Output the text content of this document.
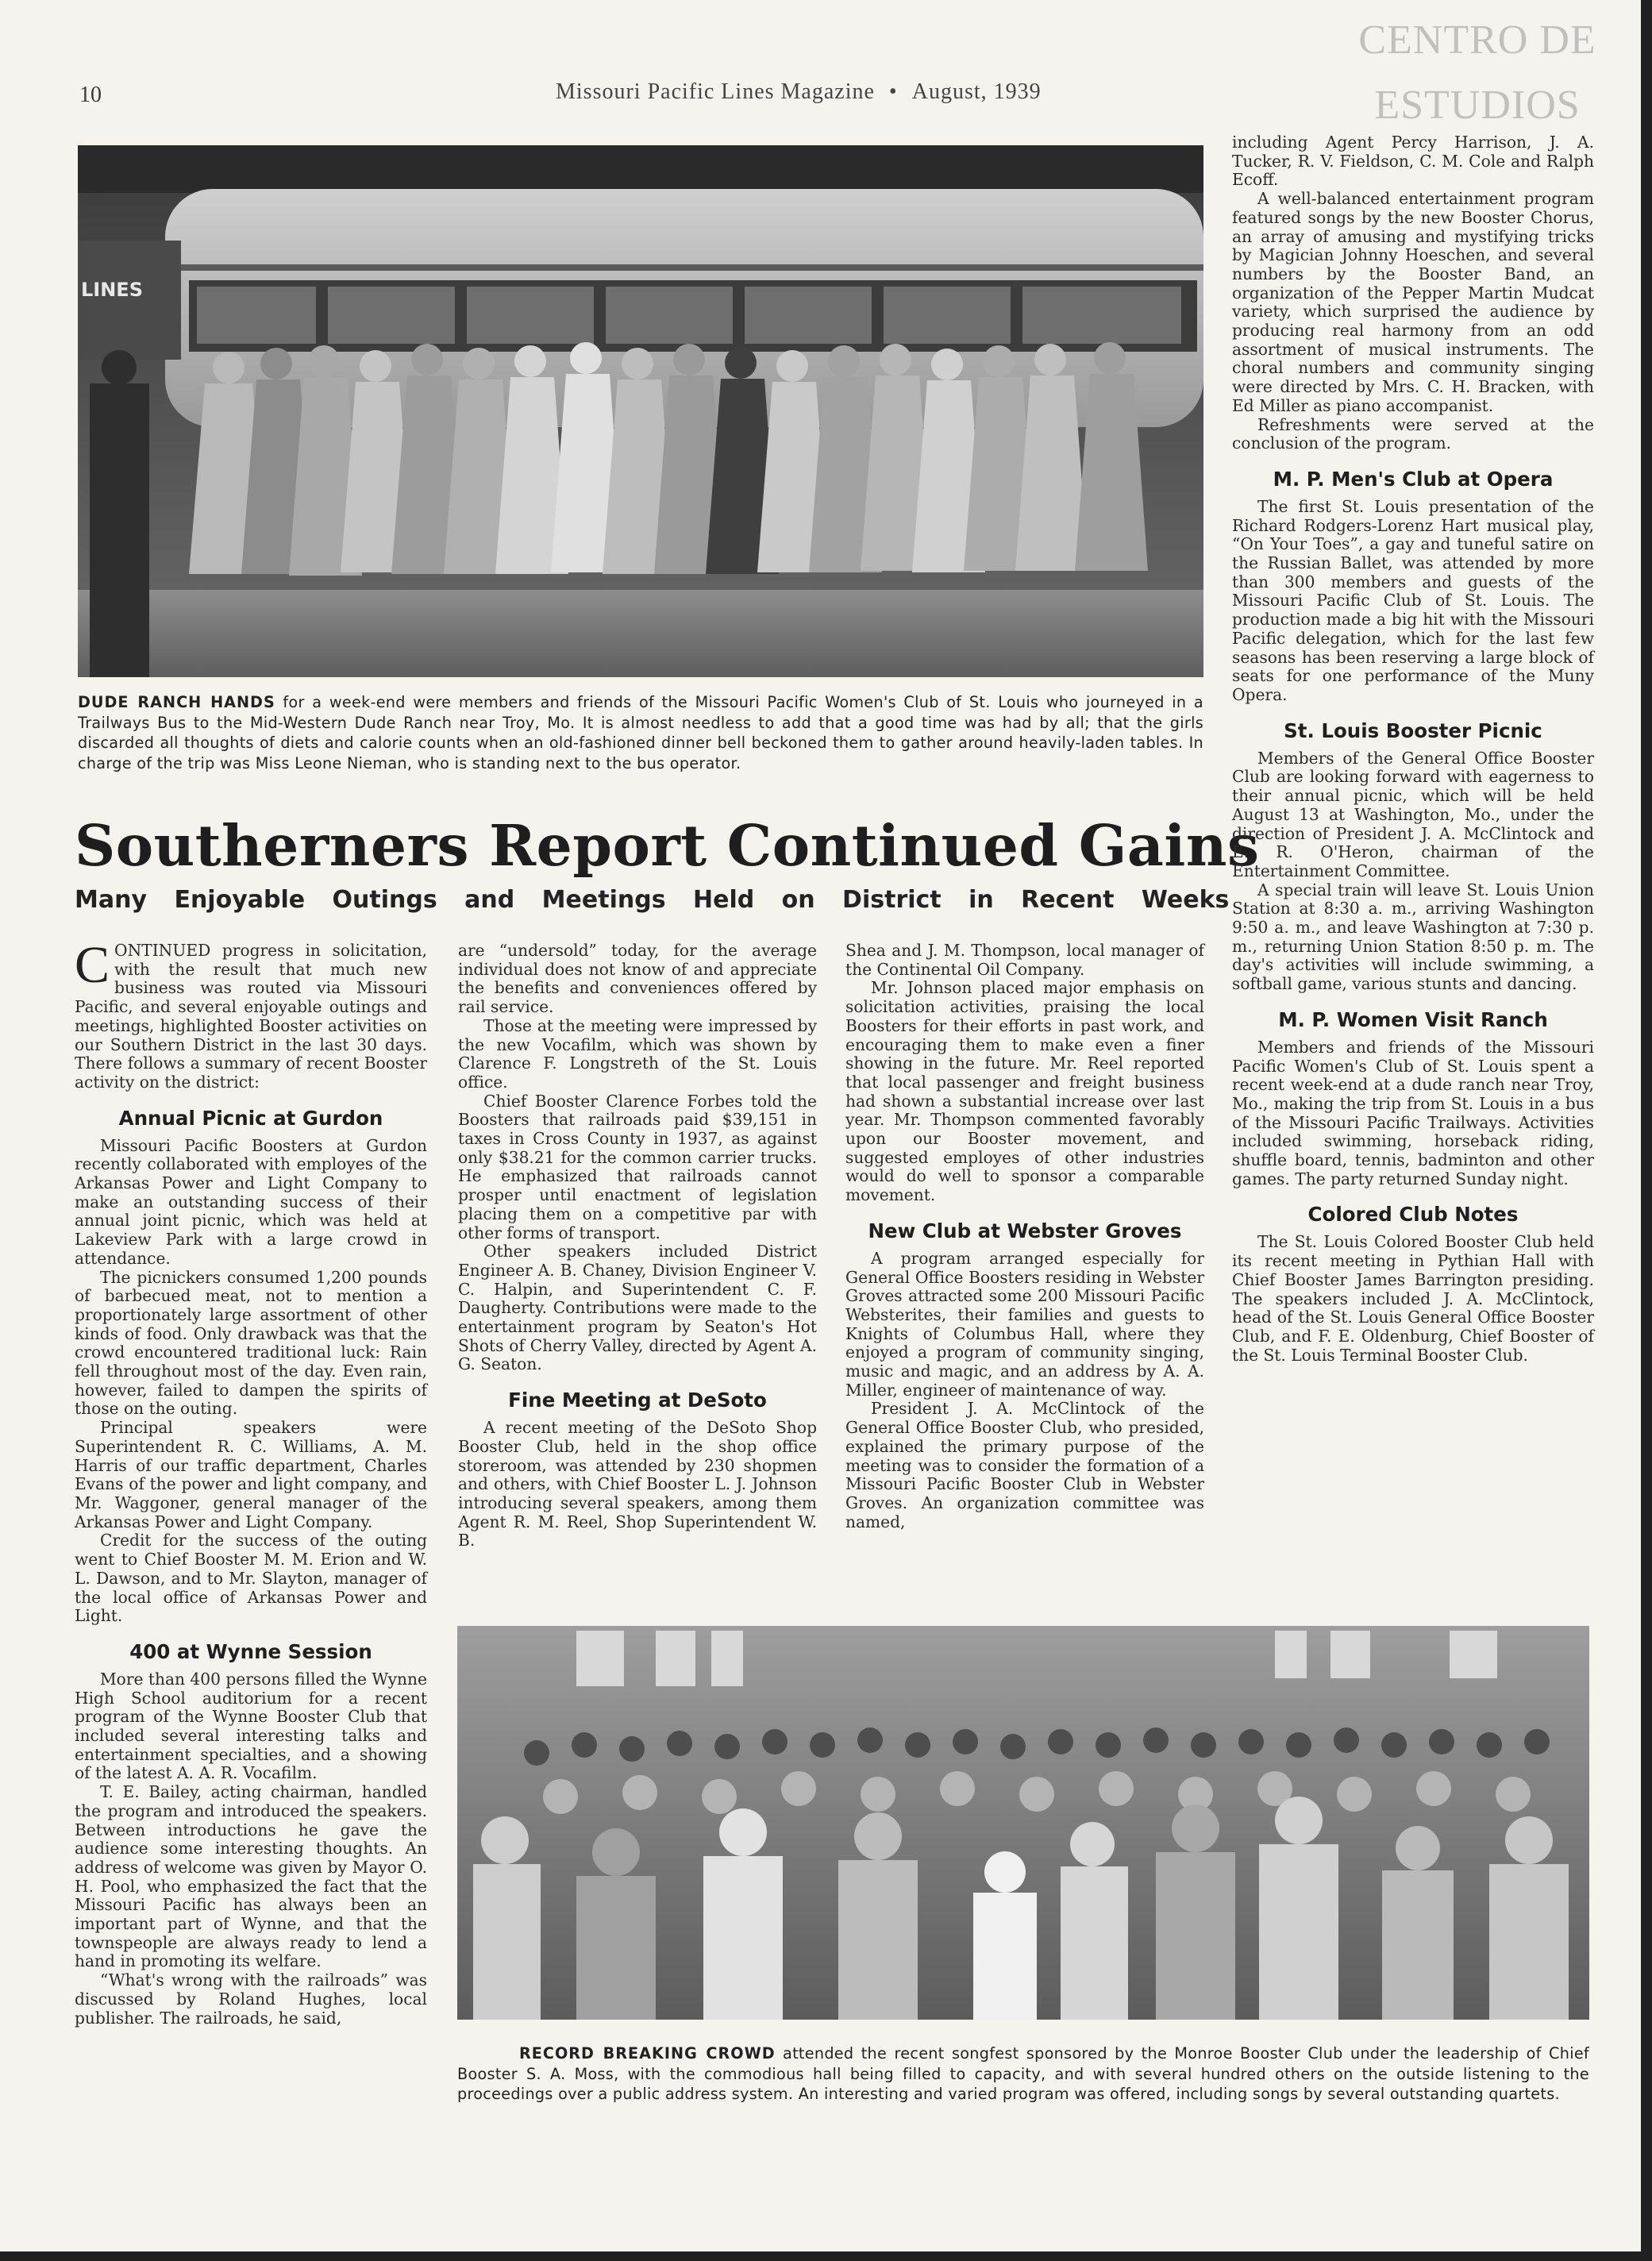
CENTRO DE
ESTUDIOS
10	Missouri Pacific Lines Magazine • August, 1939
LINES
DUDE RANCH HANDS for a week-end were members and friends of the Missouri Pacific Women's Club of St. Louis who journeyed in a Trailways Bus to the Mid-Western Dude Ranch near Troy, Mo. It is almost needless to add that a good time was had by all; that the girls discarded all thoughts of diets and calorie counts when an old-fashioned dinner bell beckoned them to gather around heavily-laden tables. In charge of the trip was Miss Leone Nieman, who is standing next to the bus operator.
Southerners Report Continued Gains
Many Enjoyable Outings and Meetings Held on District in Recent Weeks

CONTINUED progress in solicitation, with the result that much new business was routed via Missouri Pacific, and several enjoyable outings and meetings, highlighted Booster activities on our Southern District in the last 30 days. There follows a summary of recent Booster activity on the district:

Annual Picnic at Gurdon

Missouri Pacific Boosters at Gurdon recently collaborated with employes of the Arkansas Power and Light Company to make an outstanding success of their annual joint picnic, which was held at Lakeview Park with a large crowd in attendance.

The picnickers consumed 1,200 pounds of barbecued meat, not to mention a proportionately large assortment of other kinds of food. Only drawback was that the crowd encountered traditional luck: Rain fell throughout most of the day. Even rain, however, failed to dampen the spirits of those on the outing.

Principal speakers were Superintendent R. C. Williams, A. M. Harris of our traffic department, Charles Evans of the power and light company, and Mr. Waggoner, general manager of the Arkansas Power and Light Company.

Credit for the success of the outing went to Chief Booster M. M. Erion and W. L. Dawson, and to Mr. Slayton, manager of the local office of Arkansas Power and Light.

400 at Wynne Session

More than 400 persons filled the Wynne High School auditorium for a recent program of the Wynne Booster Club that included several interesting talks and entertainment specialties, and a showing of the latest A. A. R. Vocafilm.

T. E. Bailey, acting chairman, handled the program and introduced the speakers. Between introductions he gave the audience some interesting thoughts. An address of welcome was given by Mayor O. H. Pool, who emphasized the fact that the Missouri Pacific has always been an important part of Wynne, and that the townspeople are always ready to lend a hand in promoting its welfare.

“What's wrong with the railroads” was discussed by Roland Hughes, local publisher. The railroads, he said,

are “undersold” today, for the average individual does not know of and appreciate the benefits and conveniences offered by rail service.

Those at the meeting were impressed by the new Vocafilm, which was shown by Clarence F. Longstreth of the St. Louis office.

Chief Booster Clarence Forbes told the Boosters that railroads paid $39,151 in taxes in Cross County in 1937, as against only $38.21 for the common carrier trucks. He emphasized that railroads cannot prosper until enactment of legislation placing them on a competitive par with other forms of transport.

Other speakers included District Engineer A. B. Chaney, Division Engineer V. C. Halpin, and Superintendent C. F. Daugherty. Contributions were made to the entertainment program by Seaton's Hot Shots of Cherry Valley, directed by Agent A. G. Seaton.

Fine Meeting at DeSoto

A recent meeting of the DeSoto Shop Booster Club, held in the shop office storeroom, was attended by 230 shopmen and others, with Chief Booster L. J. Johnson introducing several speakers, among them Agent R. M. Reel, Shop Superintendent W. B.

Shea and J. M. Thompson, local manager of the Continental Oil Company.

Mr. Johnson placed major emphasis on solicitation activities, praising the local Boosters for their efforts in past work, and encouraging them to make even a finer showing in the future. Mr. Reel reported that local passenger and freight business had shown a substantial increase over last year. Mr. Thompson commented favorably upon our Booster movement, and suggested employes of other industries would do well to sponsor a comparable movement.

New Club at Webster Groves

A program arranged especially for General Office Boosters residing in Webster Groves attracted some 200 Missouri Pacific Websterites, their families and guests to Knights of Columbus Hall, where they enjoyed a program of community singing, music and magic, and an address by A. A. Miller, engineer of maintenance of way.

President J. A. McClintock of the General Office Booster Club, who presided, explained the primary purpose of the meeting was to consider the formation of a Missouri Pacific Booster Club in Webster Groves. An organization committee was named,

including Agent Percy Harrison, J. A. Tucker, R. V. Fieldson, C. M. Cole and Ralph Ecoff.

A well-balanced entertainment program featured songs by the new Booster Chorus, an array of amusing and mystifying tricks by Magician Johnny Hoeschen, and several numbers by the Booster Band, an organization of the Pepper Martin Mudcat variety, which surprised the audience by producing real harmony from an odd assortment of musical instruments. The choral numbers and community singing were directed by Mrs. C. H. Bracken, with Ed Miller as piano accompanist.

Refreshments were served at the conclusion of the program.

M. P. Men's Club at Opera

The first St. Louis presentation of the Richard Rodgers-Lorenz Hart musical play, “On Your Toes”, a gay and tuneful satire on the Russian Ballet, was attended by more than 300 members and guests of the Missouri Pacific Club of St. Louis. The production made a big hit with the Missouri Pacific delegation, which for the last few seasons has been reserving a large block of seats for one performance of the Muny Opera.

St. Louis Booster Picnic

Members of the General Office Booster Club are looking forward with eagerness to their annual picnic, which will be held August 13 at Washington, Mo., under the direction of President J. A. McClintock and E. R. O'Heron, chairman of the Entertainment Committee.

A special train will leave St. Louis Union Station at 8:30 a. m., arriving Washington 9:50 a. m., and leave Washington at 7:30 p. m., returning Union Station 8:50 p. m. The day's activities will include swimming, a softball game, various stunts and dancing.

M. P. Women Visit Ranch

Members and friends of the Missouri Pacific Women's Club of St. Louis spent a recent week-end at a dude ranch near Troy, Mo., making the trip from St. Louis in a bus of the Missouri Pacific Trailways. Activities included swimming, horseback riding, shuffle board, tennis, badminton and other games. The party returned Sunday night.

Colored Club Notes

The St. Louis Colored Booster Club held its recent meeting in Pythian Hall with Chief Booster James Barrington presiding. The speakers included J. A. McClintock, head of the St. Louis General Office Booster Club, and F. E. Oldenburg, Chief Booster of the St. Louis Terminal Booster Club.

RECORD BREAKING CROWD attended the recent songfest sponsored by the Monroe Booster Club under the leadership of Chief Booster S. A. Moss, with the commodious hall being filled to capacity, and with several hundred others on the outside listening to the proceedings over a public address system. An interesting and varied program was offered, including songs by several outstanding quartets.
